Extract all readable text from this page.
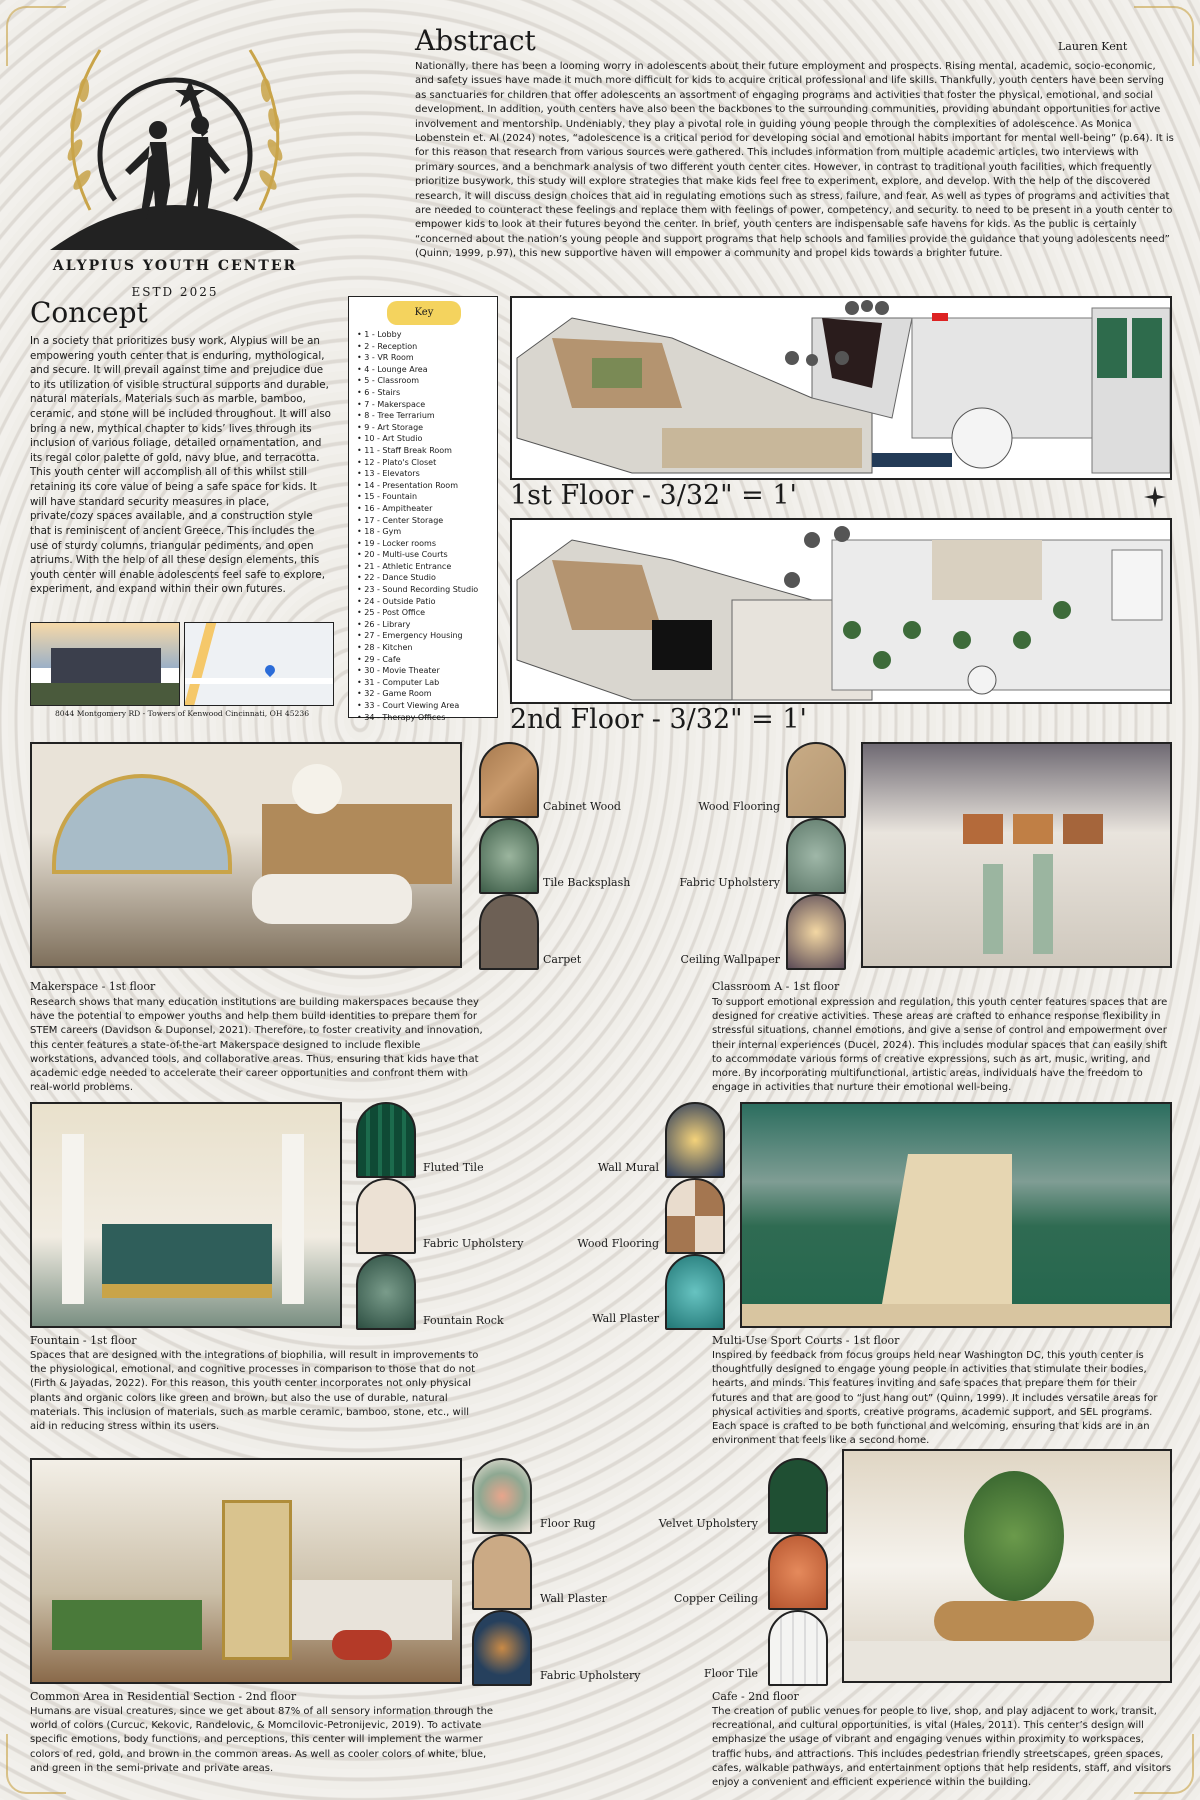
ALYPIUS YOUTH CENTER
ESTD 2025
Abstract	Lauren Kent

Nationally, there has been a looming worry in adolescents about their future employment and prospects. Rising mental, academic, socio-economic, and safety issues have made it much more difficult for kids to acquire critical professional and life skills. Thankfully, youth centers have been serving as sanctuaries for children that offer adolescents an assortment of engaging programs and activities that foster the physical, emotional, and social development. In addition, youth centers have also been the backbones to the surrounding communities, providing abundant opportunities for active involvement and mentorship. Undeniably, they play a pivotal role in guiding young people through the complexities of adolescence. As Monica Lobenstein et. Al (2024) notes, “adolescence is a critical period for developing social and emotional habits important for mental well-being” (p.64). It is for this reason that research from various sources were gathered. This includes information from multiple academic articles, two interviews with primary sources, and a benchmark analysis of two different youth center cites. However, in contrast to traditional youth facilities, which frequently prioritize busywork, this study will explore strategies that make kids feel free to experiment, explore, and develop. With the help of the discovered research, it will discuss design choices that aid in regulating emotions such as stress, failure, and fear. As well as types of programs and activities that are needed to counteract these feelings and replace them with feelings of power, competency, and security. to need to be present in a youth center to empower kids to look at their futures beyond the center. In brief, youth centers are indispensable safe havens for kids. As the public is certainly “concerned about the nation’s young people and support programs that help schools and families provide the guidance that young adolescents need” (Quinn, 1999, p.97), this new supportive haven will empower a community and propel kids towards a brighter future.

Concept

In a society that prioritizes busy work, Alypius will be an empowering youth center that is enduring, mythological, and secure. It will prevail against time and prejudice due to its utilization of visible structural supports and durable, natural materials. Materials such as marble, bamboo, ceramic, and stone will be included throughout. It will also bring a new, mythical chapter to kids’ lives through its inclusion of various foliage, detailed ornamentation, and its regal color palette of gold, navy blue, and terracotta. This youth center will accomplish all of this whilst still retaining its core value of being a safe space for kids. It will have standard security measures in place, private/cozy spaces available, and a construction style that is reminiscent of ancient Greece. This includes the use of sturdy columns, triangular pediments, and open atriums. With the help of all these design elements, this youth center will enable adolescents feel safe to explore, experiment, and expand within their own futures.

8044 Montgomery RD - Towers of Kenwood Cincinnati, OH 45236
Key
• 1 - Lobby
• 2 - Reception
• 3 - VR Room
• 4 - Lounge Area
• 5 - Classroom
• 6 - Stairs
• 7 - Makerspace
• 8 - Tree Terrarium
• 9 - Art Storage
• 10 - Art Studio
• 11 - Staff Break Room
• 12 - Plato's Closet
• 13 - Elevators
• 14 - Presentation Room
• 15 - Fountain
• 16 - Ampitheater
• 17 - Center Storage
• 18 - Gym
• 19 - Locker rooms
• 20 - Multi-use Courts
• 21 - Athletic Entrance
• 22 - Dance Studio
• 23 - Sound Recording Studio
• 24 - Outside Patio
• 25 - Post Office
• 26 - Library
• 27 - Emergency Housing
• 28 - Kitchen
• 29 - Cafe
• 30 - Movie Theater
• 31 - Computer Lab
• 32 - Game Room
• 33 - Court Viewing Area
• 34 - Therapy Offices
1st Floor - 3/32" = 1'
2nd Floor - 3/32" = 1'
Cabinet Wood
Tile Backsplash
Carpet
Wood Flooring
Fabric Upholstery
Ceiling Wallpaper
Makerspace - 1st floor

Research shows that many education institutions are building makerspaces because they have the potential to empower youths and help them build identities to prepare them for STEM careers (Davidson & Duponsel, 2021). Therefore, to foster creativity and innovation, this center features a state-of-the-art Makerspace designed to include flexible workstations, advanced tools, and collaborative areas. Thus, ensuring that kids have that academic edge needed to accelerate their career opportunities and confront them with real-world problems.

Classroom A - 1st floor

To support emotional expression and regulation, this youth center features spaces that are designed for creative activities. These areas are crafted to enhance response flexibility in stressful situations, channel emotions, and give a sense of control and empowerment over their internal experiences (Ducel, 2024). This includes modular spaces that can easily shift to accommodate various forms of creative expressions, such as art, music, writing, and more. By incorporating multifunctional, artistic areas, individuals have the freedom to engage in activities that nurture their emotional well-being.

Fluted Tile
Fabric Upholstery
Fountain Rock
Wall Mural
Wood Flooring
Wall Plaster
Fountain - 1st floor

Spaces that are designed with the integrations of biophilia, will result in improvements to the physiological, emotional, and cognitive processes in comparison to those that do not (Firth & Jayadas, 2022). For this reason, this youth center incorporates not only physical plants and organic colors like green and brown, but also the use of durable, natural materials. This inclusion of materials, such as marble ceramic, bamboo, stone, etc., will aid in reducing stress within its users.

Multi-Use Sport Courts - 1st floor

Inspired by feedback from focus groups held near Washington DC, this youth center is thoughtfully designed to engage young people in activities that stimulate their bodies, hearts, and minds. This features inviting and safe spaces that prepare them for their futures and that are good to “just hang out” (Quinn, 1999). It includes versatile areas for physical activities and sports, creative programs, academic support, and SEL programs. Each space is crafted to be both functional and welcoming, ensuring that kids are in an environment that feels like a second home.

Floor Rug
Wall Plaster
Fabric Upholstery
Velvet Upholstery
Copper Ceiling
Floor Tile
Common Area in Residential Section - 2nd floor

Humans are visual creatures, since we get about 87% of all sensory information through the world of colors (Curcuc, Kekovic, Randelovic, & Momcilovic-Petronijevic, 2019). To activate specific emotions, body functions, and perceptions, this center will implement the warmer colors of red, gold, and brown in the common areas. As well as cooler colors of white, blue, and green in the semi-private and private areas.

Cafe - 2nd floor

The creation of public venues for people to live, shop, and play adjacent to work, transit, recreational, and cultural opportunities, is vital (Hales, 2011). This center’s design will emphasize the usage of vibrant and engaging venues within proximity to workspaces, traffic hubs, and attractions. This includes pedestrian friendly streetscapes, green spaces, cafes, walkable pathways, and entertainment options that help residents, staff, and visitors enjoy a convenient and efficient experience within the building.
